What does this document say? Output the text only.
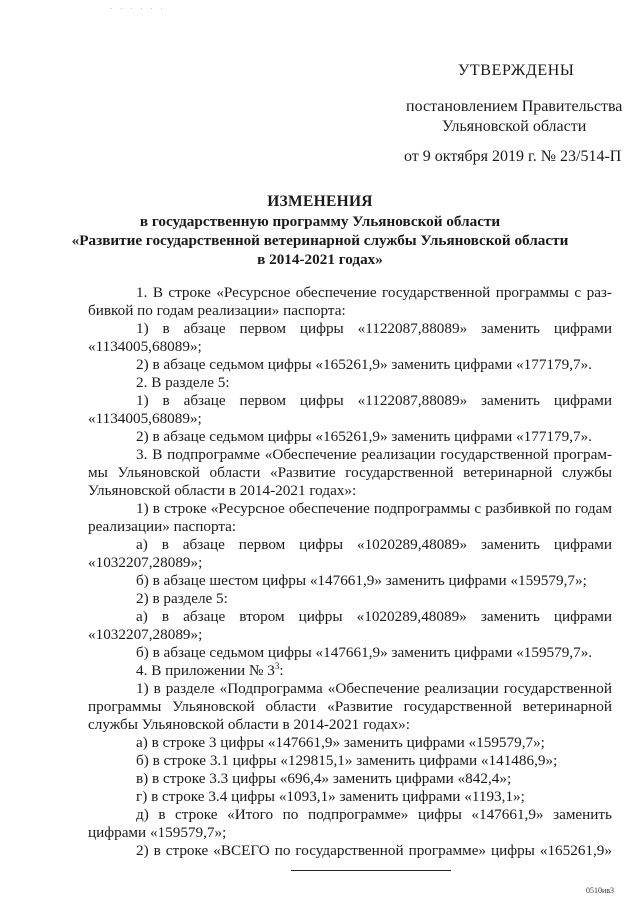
· · · · · ·
УТВЕРЖДЕНЫ
постановлением Правительства
Ульяновской области
от 9 октября 2019 г. № 23/514-П
ИЗМЕНЕНИЯ
в государственную программу Ульяновской области
«Развитие государственной ветеринарной службы Ульяновской области
в 2014-2021 годах»
1. В строке «Ресурсное обеспечение государственной программы с раз-
бивкой по годам реализации» паспорта:
1) в абзаце первом цифры «1122087,88089» заменить цифрами
«1134005,68089»;
2) в абзаце седьмом цифры «165261,9» заменить цифрами «177179,7».
2. В разделе 5:
1) в абзаце первом цифры «1122087,88089» заменить цифрами
«1134005,68089»;
2) в абзаце седьмом цифры «165261,9» заменить цифрами «177179,7».
3. В подпрограмме «Обеспечение реализации государственной програм-
мы Ульяновской области «Развитие государственной ветеринарной службы
Ульяновской области в 2014-2021 годах»:
1) в строке «Ресурсное обеспечение подпрограммы с разбивкой по годам
реализации» паспорта:
а) в абзаце первом цифры «1020289,48089» заменить цифрами
«1032207,28089»;
б) в абзаце шестом цифры «147661,9» заменить цифрами «159579,7»;
2) в разделе 5:
а) в абзаце втором цифры «1020289,48089» заменить цифрами
«1032207,28089»;
б) в абзаце седьмом цифры «147661,9» заменить цифрами «159579,7».
4. В приложении № $3^3$:
1) в разделе «Подпрограмма «Обеспечение реализации государственной
программы Ульяновской области «Развитие государственной ветеринарной
службы Ульяновской области в 2014-2021 годах»:
а) в строке 3 цифры «147661,9» заменить цифрами «159579,7»;
б) в строке 3.1 цифры «129815,1» заменить цифрами «141486,9»;
в) в строке 3.3 цифры «696,4» заменить цифрами «842,4»;
г) в строке 3.4 цифры «1093,1» заменить цифрами «1193,1»;
д) в строке «Итого по подпрограмме» цифры «147661,9» заменить
цифрами «159579,7»;
2) в строке «ВСЕГО по государственной программе» цифры «165261,9»
0510ив3
